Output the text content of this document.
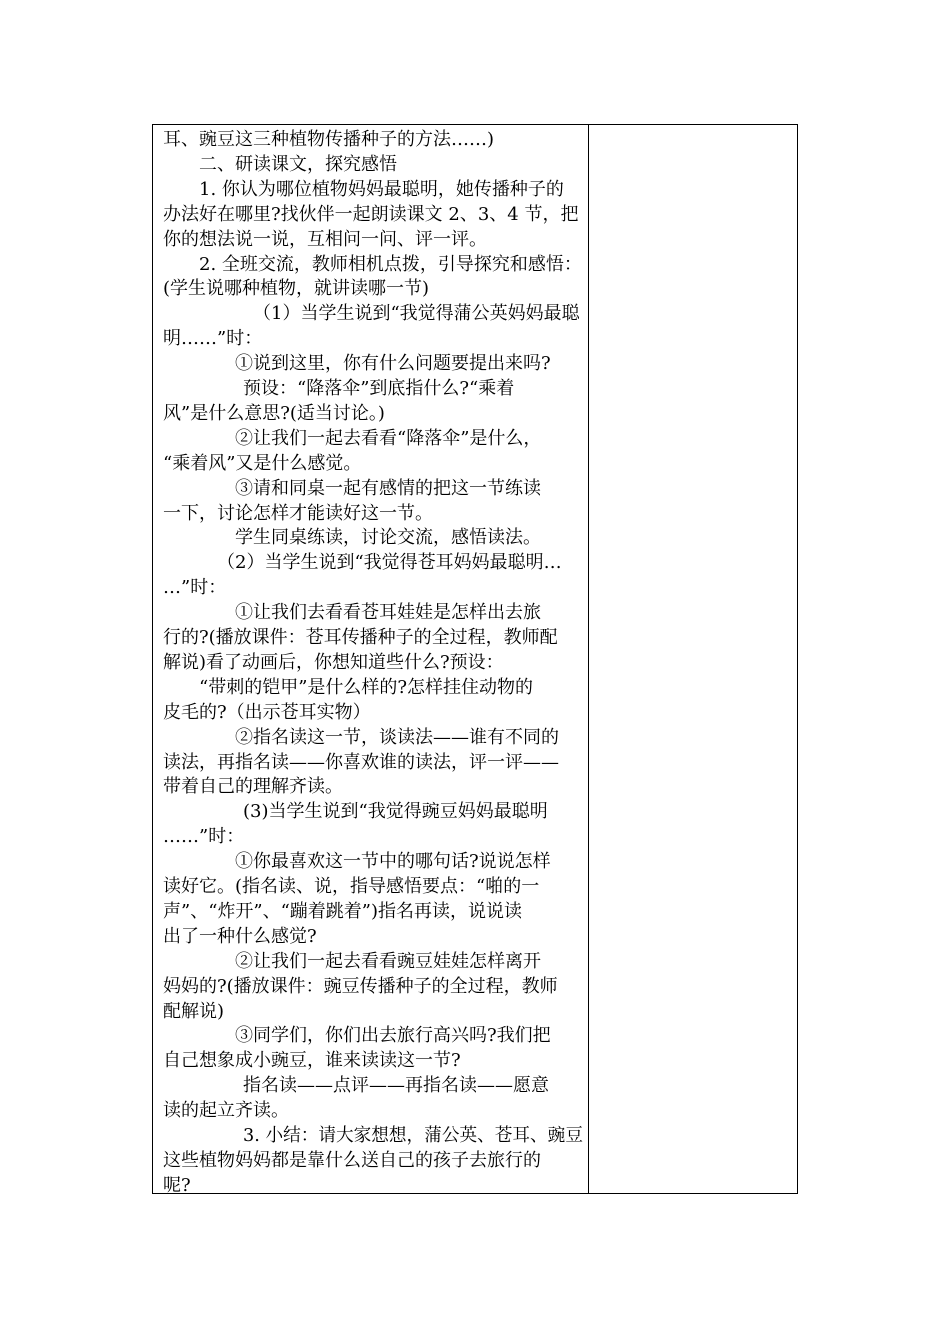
耳、豌豆这三种植物传播种子的方法……)
二、研读课文，探究感悟
1. 你认为哪位植物妈妈最聪明，她传播种子的
办法好在哪里?找伙伴一起朗读课文 2、3、4 节，把
你的想法说一说，互相问一问、评一评。
2. 全班交流，教师相机点拨，引导探究和感悟：
(学生说哪种植物，就讲读哪一节)
（1）当学生说到“我觉得蒲公英妈妈最聪
明……”时：
①说到这里，你有什么问题要提出来吗?
预设：“降落伞”到底指什么?“乘着
风”是什么意思?(适当讨论。)
②让我们一起去看看“降落伞”是什么，
“乘着风”又是什么感觉。
③请和同桌一起有感情的把这一节练读
一下，讨论怎样才能读好这一节。
学生同桌练读，讨论交流，感悟读法。
（2）当学生说到“我觉得苍耳妈妈最聪明…
…”时：
①让我们去看看苍耳娃娃是怎样出去旅
行的?(播放课件：苍耳传播种子的全过程，教师配
解说)看了动画后，你想知道些什么?预设：
“带刺的铠甲”是什么样的?怎样挂住动物的
皮毛的?（出示苍耳实物）
②指名读这一节，谈读法——谁有不同的
读法，再指名读——你喜欢谁的读法，评一评——
带着自己的理解齐读。
(3)当学生说到“我觉得豌豆妈妈最聪明
……”时：
①你最喜欢这一节中的哪句话?说说怎样
读好它。(指名读、说，指导感悟要点：“啪的一
声”、“炸开”、“蹦着跳着”)指名再读，说说读
出了一种什么感觉?
②让我们一起去看看豌豆娃娃怎样离开
妈妈的?(播放课件：豌豆传播种子的全过程，教师
配解说)
③同学们，你们出去旅行高兴吗?我们把
自己想象成小豌豆，谁来读读这一节?
指名读——点评——再指名读——愿意
读的起立齐读。
3. 小结：请大家想想，蒲公英、苍耳、豌豆
这些植物妈妈都是靠什么送自己的孩子去旅行的
呢?
